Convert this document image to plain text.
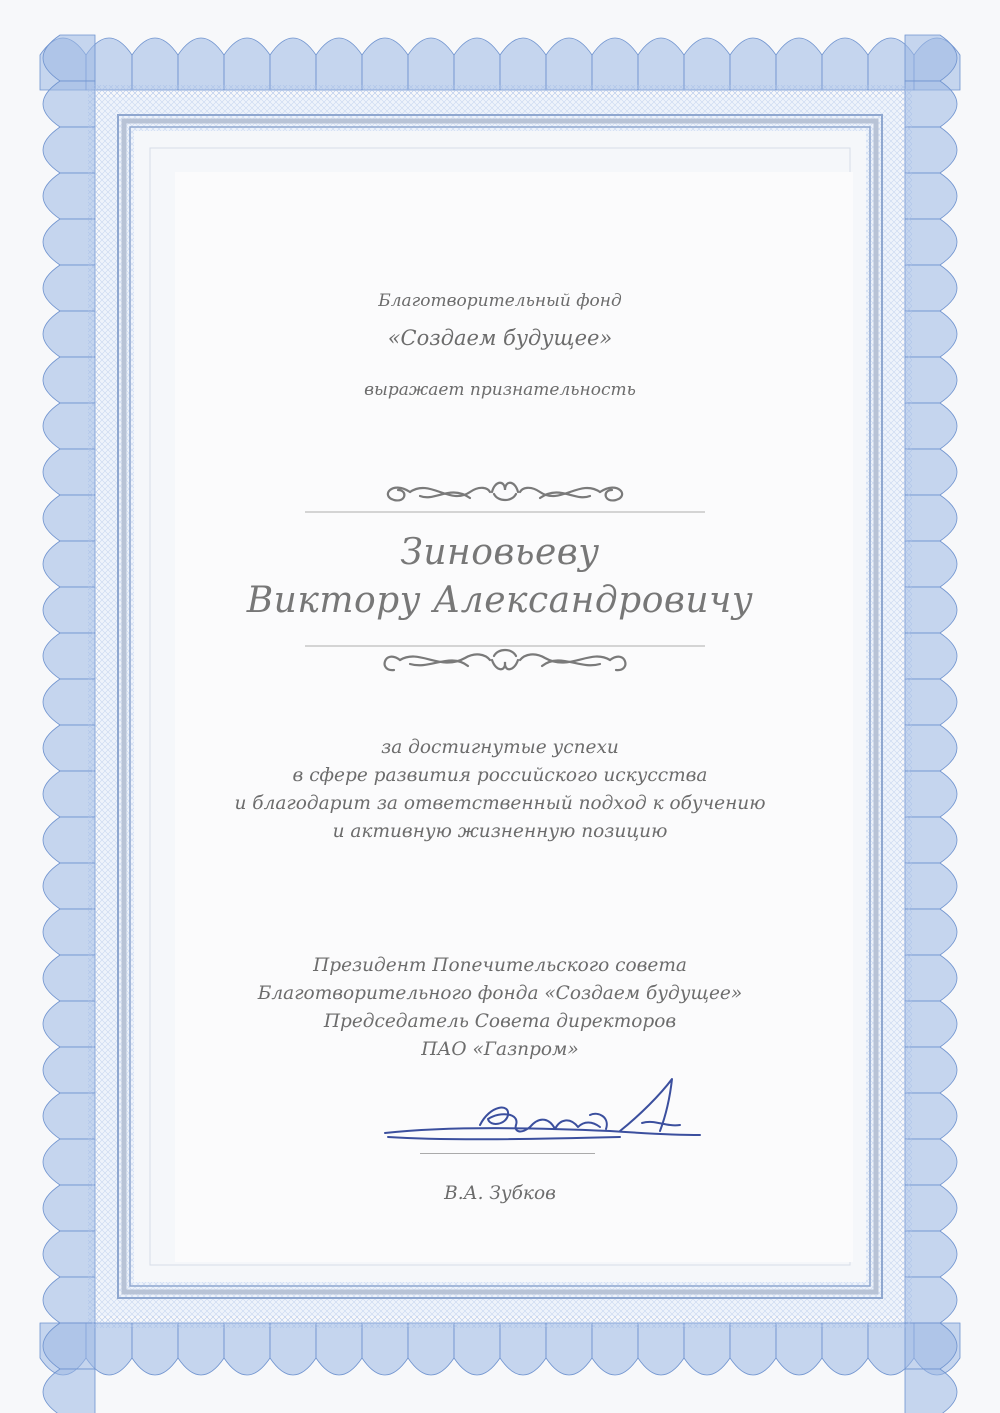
Благотворительный фонд
«Создаем будущее»
выражает признательность
Зиновьеву
Виктору Александровичу
за достигнутые успехи
в сфере развития российского искусства
и благодарит за ответственный подход к обучению
и активную жизненную позицию
Президент Попечительского совета
Благотворительного фонда «Создаем будущее»
Председатель Совета директоров
ПАО «Газпром»
В.А. Зубков
